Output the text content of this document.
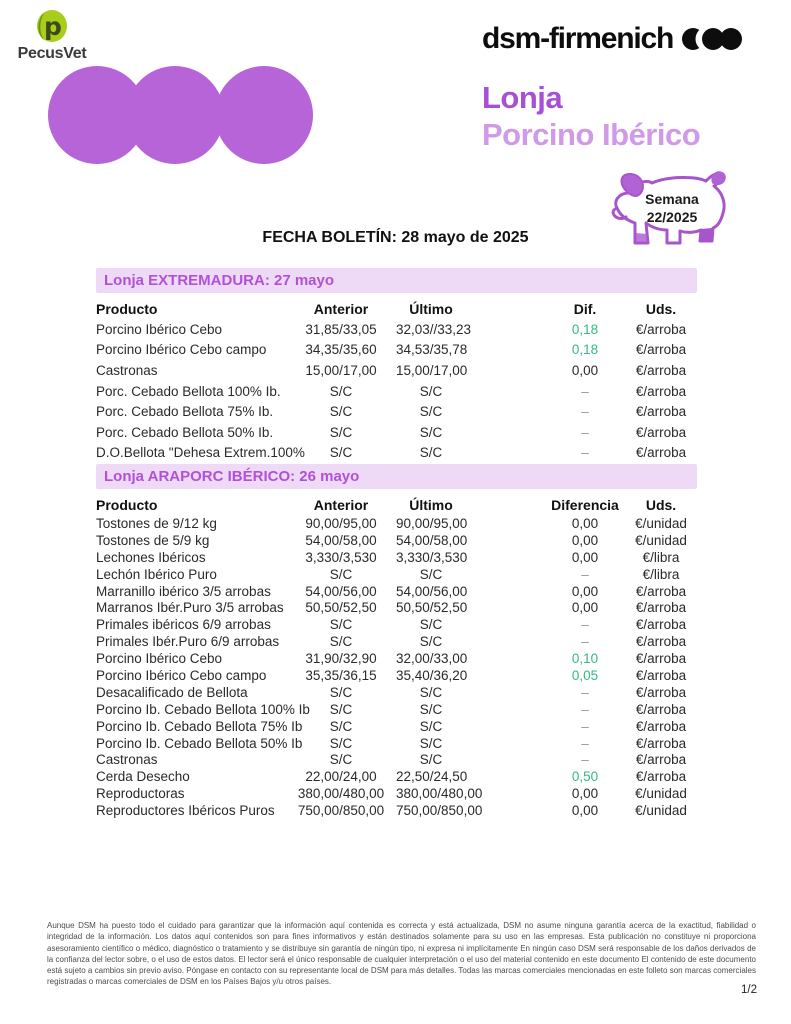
p
PecusVet	dsm-firmenich
Lonja
Porcino Ibérico
Semana
22/2025
FECHA BOLETÍN: 28 mayo de 2025
Lonja EXTREMADURA: 27 mayo
Producto	Anterior	Último	Dif.	Uds.
Porcino Ibérico Cebo	31,85/33,05	32,03//33,23	0,18	€/arroba
Porcino Ibérico Cebo campo	34,35/35,60	34,53/35,78	0,18	€/arroba
Castronas	15,00/17,00	15,00/17,00	0,00	€/arroba
Porc. Cebado Bellota 100% Ib.	S/C	S/C	–	€/arroba
Porc. Cebado Bellota 75% Ib.	S/C	S/C	–	€/arroba
Porc. Cebado Bellota 50% Ib.	S/C	S/C	–	€/arroba
D.O.Bellota "Dehesa Extrem.100%	S/C	S/C	–	€/arroba
Lonja ARAPORC IBÉRICO: 26 mayo
Producto	Anterior	Último	Diferencia	Uds.
Tostones de 9/12 kg	90,00/95,00	90,00/95,00	0,00	€/unidad
Tostones de 5/9 kg	54,00/58,00	54,00/58,00	0,00	€/unidad
Lechones Ibéricos	3,330/3,530	3,330/3,530	0,00	€/libra
Lechón Ibérico Puro	S/C	S/C	–	€/libra
Marranillo ibérico 3/5 arrobas	54,00/56,00	54,00/56,00	0,00	€/arroba
Marranos Ibér.Puro 3/5 arrobas	50,50/52,50	50,50/52,50	0,00	€/arroba
Primales ibéricos 6/9 arrobas	S/C	S/C	–	€/arroba
Primales Ibér.Puro 6/9 arrobas	S/C	S/C	–	€/arroba
Porcino Ibérico Cebo	31,90/32,90	32,00/33,00	0,10	€/arroba
Porcino Ibérico Cebo campo	35,35/36,15	35,40/36,20	0,05	€/arroba
Desacalificado de Bellota	S/C	S/C	–	€/arroba
Porcino Ib. Cebado Bellota 100% Ib	S/C	S/C	–	€/arroba
Porcino Ib. Cebado Bellota 75% Ib	S/C	S/C	–	€/arroba
Porcino Ib. Cebado Bellota 50% Ib	S/C	S/C	–	€/arroba
Castronas	S/C	S/C	–	€/arroba
Cerda Desecho	22,00/24,00	22,50/24,50	0,50	€/arroba
Reproductoras	380,00/480,00 380,00/480,00	0,00	€/unidad
Reproductores Ibéricos Puros	750,00/850,00 750,00/850,00	0,00	€/unidad

Aunque DSM ha puesto todo el cuidado para garantizar que la información aquí contenida es correcta y está actualizada, DSM no asume ninguna garantía acerca de la exactitud, fiabilidad o integridad de la información. Los datos aquí contenidos son para fines informativos y están destinados solamente para su uso en las empresas. Esta publicación no constituye ni proporciona asesoramiento científico o médico, diagnóstico o tratamiento y se distribuye sin garantía de ningún tipo, ni expresa ni implícitamente En ningún caso DSM será responsable de los daños derivados de la confianza del lector sobre, o el uso de estos datos. El lector será el único responsable de cualquier interpretación o el uso del material contenido en este documento El contenido de este documento está sujeto a cambios sin previo aviso. Póngase en contacto con su representante local de DSM para más detalles. Todas las marcas comerciales mencionadas en este folleto son marcas comerciales registradas o marcas comerciales de DSM en los Países Bajos y/u otros países.

1/2
